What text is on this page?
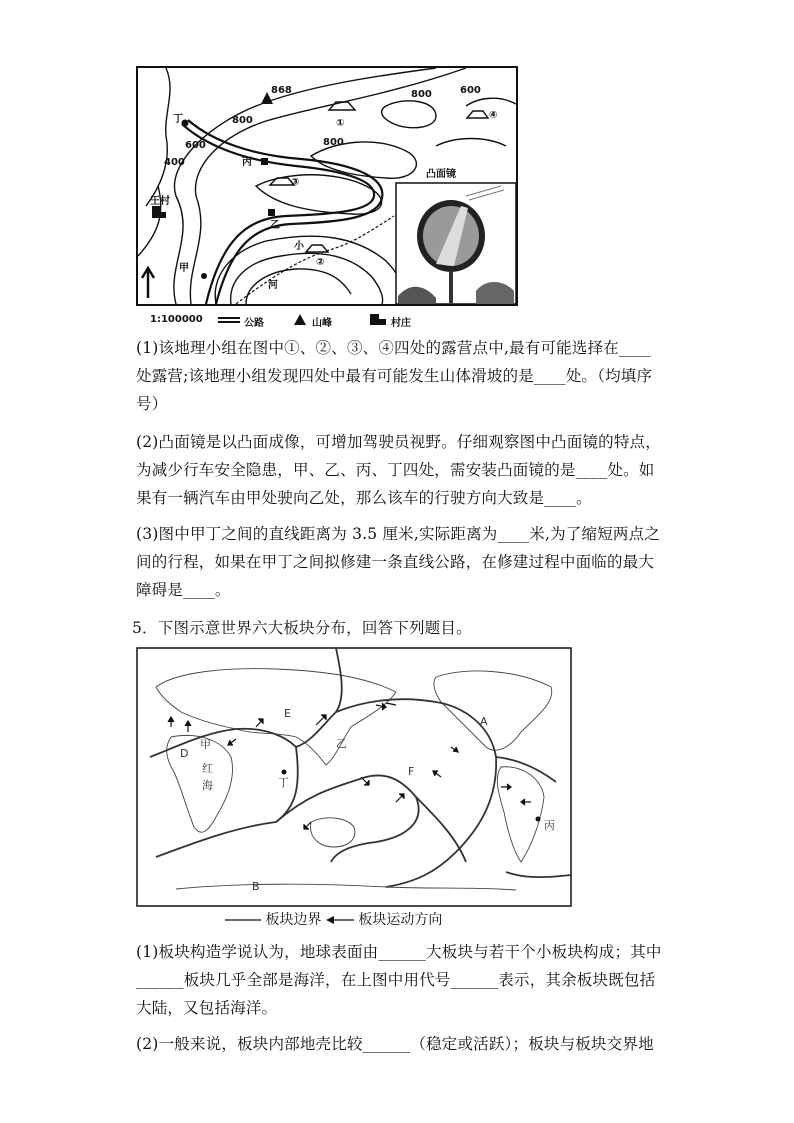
868
800
800
800
600
600
400
丁
丙
乙
甲
王村
小
河
①
②
③
④
凸面镜
1:100000	公路	山峰	村庄
(1)该地理小组在图中①、②、③、④四处的露营点中,最有可能选择在____处露营;该地理小组发现四处中最有可能发生山体滑坡的是____处。（均填序号）
(2)凸面镜是以凸面成像，可增加驾驶员视野。仔细观察图中凸面镜的特点，为减少行车安全隐患，甲、乙、丙、丁四处，需安装凸面镜的是____处。如果有一辆汽车由甲处驶向乙处，那么该车的行驶方向大致是____。
(3)图中甲丁之间的直线距离为 3.5 厘米,实际距离为____米,为了缩短两点之间的行程，如果在甲丁之间拟修建一条直线公路，在修建过程中面临的最大障碍是____。
5．下图示意世界六大板块分布，回答下列题目。
A
B
D
E
F
甲	乙
丁
丙
红
海
板块边界	板块运动方向
(1)板块构造学说认为，地球表面由______大板块与若干个小板块构成；其中______板块几乎全部是海洋，在上图中用代号______表示，其余板块既包括大陆，又包括海洋。
(2)一般来说，板块内部地壳比较______（稳定或活跃）；板块与板块交界地
